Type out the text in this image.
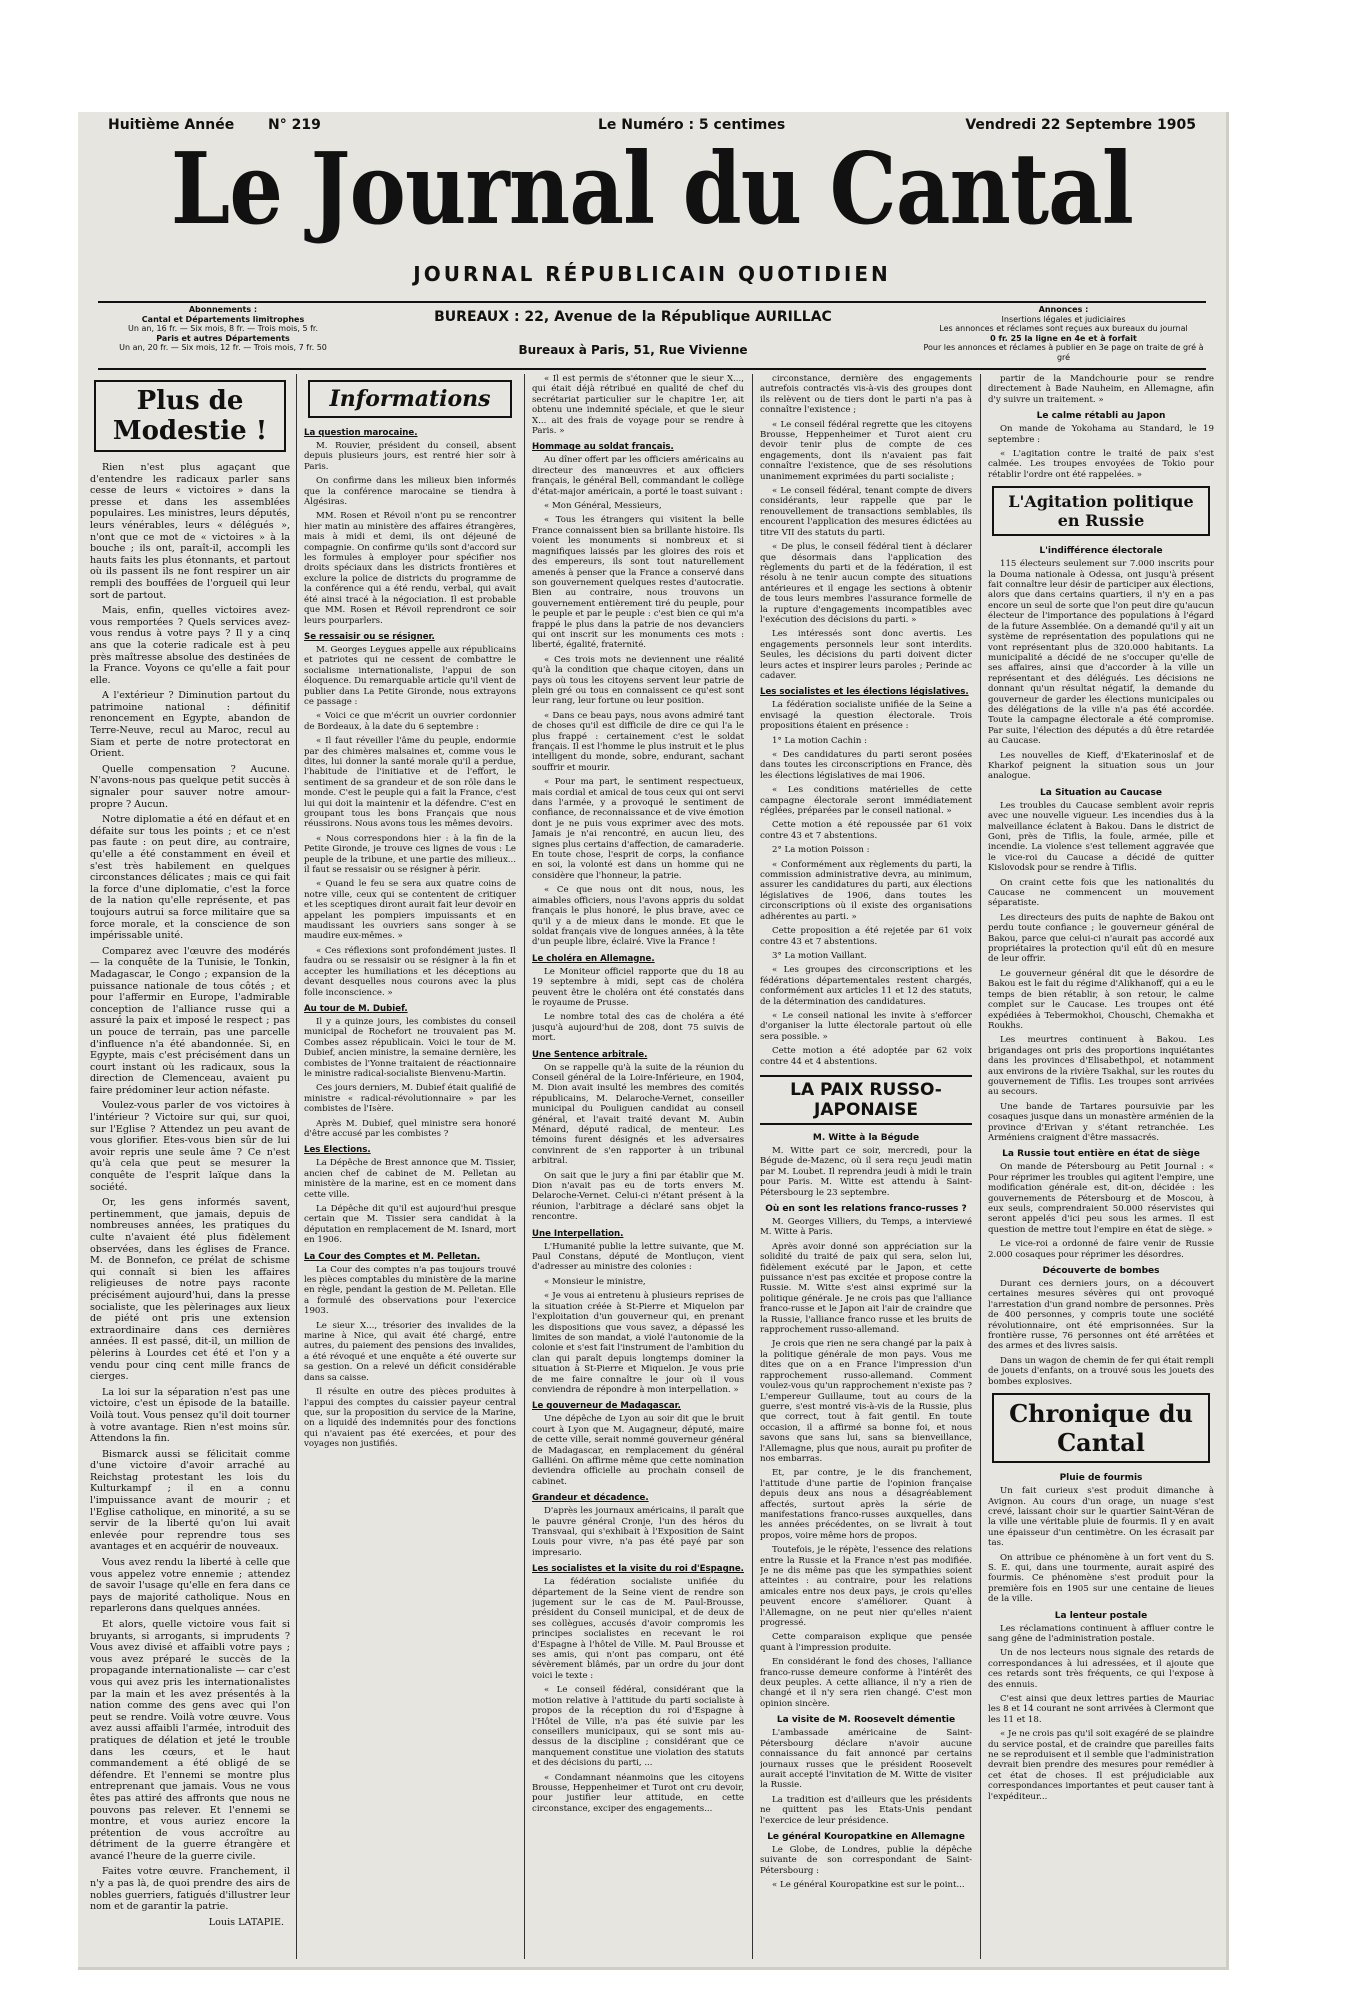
Huitième Année N° 219	Le Numéro : 5 centimes	Vendredi 22 Septembre 1905
Le Journal du Cantal
JOURNAL RÉPUBLICAIN QUOTIDIEN
Abonnements :
Cantal et Départements limitrophes
Un an, 16 fr. — Six mois, 8 fr. — Trois mois, 5 fr.
Paris et autres Départements
Un an, 20 fr. — Six mois, 12 fr. — Trois mois, 7 fr. 50
BUREAUX : 22, Avenue de la République AURILLAC
Bureaux à Paris, 51, Rue Vivienne
Annonces :
Insertions légales et judiciaires
Les annonces et réclames sont reçues aux bureaux du journal
0 fr. 25 la ligne en 4e et à forfait
Pour les annonces et réclames à publier en 3e page on traite de gré à gré
Plus de Modestie !

Rien n'est plus agaçant que d'entendre les radicaux parler sans cesse de leurs « victoires » dans la presse et dans les assemblées populaires. Les ministres, leurs députés, leurs vénérables, leurs « délégués », n'ont que ce mot de « victoires » à la bouche ; ils ont, paraît-il, accompli les hauts faits les plus étonnants, et partout où ils passent ils ne font respirer un air rempli des bouffées de l'orgueil qui leur sort de partout.

Mais, enfin, quelles victoires avez-vous remportées ? Quels services avez-vous rendus à votre pays ? Il y a cinq ans que la coterie radicale est à peu près maîtresse absolue des destinées de la France. Voyons ce qu'elle a fait pour elle.

A l'extérieur ? Diminution partout du patrimoine national : définitif renoncement en Egypte, abandon de Terre-Neuve, recul au Maroc, recul au Siam et perte de notre protectorat en Orient.

Quelle compensation ? Aucune. N'avons-nous pas quelque petit succès à signaler pour sauver notre amour-propre ? Aucun.

Notre diplomatie a été en défaut et en défaite sur tous les points ; et ce n'est pas faute : on peut dire, au contraire, qu'elle a été constamment en éveil et s'est très habilement en quelques circonstances délicates ; mais ce qui fait la force d'une diplomatie, c'est la force de la nation qu'elle représente, et pas toujours autrui sa force militaire que sa force morale, et la conscience de son impérissable unité.

Comparez avec l'œuvre des modérés — la conquête de la Tunisie, le Tonkin, Madagascar, le Congo ; expansion de la puissance nationale de tous côtés ; et pour l'affermir en Europe, l'admirable conception de l'alliance russe qui a assuré la paix et imposé le respect ; pas un pouce de terrain, pas une parcelle d'influence n'a été abandonnée. Si, en Egypte, mais c'est précisément dans un court instant où les radicaux, sous la direction de Clemenceau, avaient pu faire prédominer leur action néfaste.

Voulez-vous parler de vos victoires à l'intérieur ? Victoire sur qui, sur quoi, sur l'Eglise ? Attendez un peu avant de vous glorifier. Etes-vous bien sûr de lui avoir repris une seule âme ? Ce n'est qu'à cela que peut se mesurer la conquête de l'esprit laïque dans la société.

Or, les gens informés savent, pertinemment, que jamais, depuis de nombreuses années, les pratiques du culte n'avaient été plus fidèlement observées, dans les églises de France. M. de Bonnefon, ce prélat de schisme qui connaît si bien les affaires religieuses de notre pays raconte précisément aujourd'hui, dans la presse socialiste, que les pèlerinages aux lieux de piété ont pris une extension extraordinaire dans ces dernières années. Il est passé, dit-il, un million de pèlerins à Lourdes cet été et l'on y a vendu pour cinq cent mille francs de cierges.

La loi sur la séparation n'est pas une victoire, c'est un épisode de la bataille. Voilà tout. Vous pensez qu'il doit tourner à votre avantage. Rien n'est moins sûr. Attendons la fin.

Bismarck aussi se félicitait comme d'une victoire d'avoir arraché au Reichstag protestant les lois du Kulturkampf ; il en a connu l'impuissance avant de mourir ; et l'Eglise catholique, en minorité, a su se servir de la liberté qu'on lui avait enlevée pour reprendre tous ses avantages et en acquérir de nouveaux.

Vous avez rendu la liberté à celle que vous appelez votre ennemie ; attendez de savoir l'usage qu'elle en fera dans ce pays de majorité catholique. Nous en reparlerons dans quelques années.

Et alors, quelle victoire vous fait si bruyants, si arrogants, si imprudents ? Vous avez divisé et affaibli votre pays ; vous avez préparé le succès de la propagande internationaliste — car c'est vous qui avez pris les internationalistes par la main et les avez présentés à la nation comme des gens avec qui l'on peut se rendre. Voilà votre œuvre. Vous avez aussi affaibli l'armée, introduit des pratiques de délation et jeté le trouble dans les cœurs, et le haut commandement a été obligé de se défendre. Et l'ennemi se montre plus entreprenant que jamais. Vous ne vous êtes pas attiré des affronts que nous ne pouvons pas relever. Et l'ennemi se montre, et vous auriez encore la prétention de vous accroître au détriment de la guerre étrangère et avancé l'heure de la guerre civile.

Faites votre œuvre. Franchement, il n'y a pas là, de quoi prendre des airs de nobles guerriers, fatigués d'illustrer leur nom et de garantir la patrie.

Louis LATAPIE.
Informations
La question marocaine.

M. Rouvier, président du conseil, absent depuis plusieurs jours, est rentré hier soir à Paris.

On confirme dans les milieux bien informés que la conférence marocaine se tiendra à Algésiras.

MM. Rosen et Révoil n'ont pu se rencontrer hier matin au ministère des affaires étrangères, mais à midi et demi, ils ont déjeuné de compagnie. On confirme qu'ils sont d'accord sur les formules à employer pour spécifier nos droits spéciaux dans les districts frontières et exclure la police de districts du programme de la conférence qui a été rendu, verbal, qui avait été ainsi tracé à la négociation. Il est probable que MM. Rosen et Révoil reprendront ce soir leurs pourparlers.

Se ressaisir ou se résigner.

M. Georges Leygues appelle aux républicains et patriotes qui ne cessent de combattre le socialisme internationaliste, l'appui de son éloquence. Du remarquable article qu'il vient de publier dans La Petite Gironde, nous extrayons ce passage :

« Voici ce que m'écrit un ouvrier cordonnier de Bordeaux, à la date du 6 septembre :

« Il faut réveiller l'âme du peuple, endormie par des chimères malsaines et, comme vous le dites, lui donner la santé morale qu'il a perdue, l'habitude de l'initiative et de l'effort, le sentiment de sa grandeur et de son rôle dans le monde. C'est le peuple qui a fait la France, c'est lui qui doit la maintenir et la défendre. C'est en groupant tous les bons Français que nous réussirons. Nous avons tous les mêmes devoirs.

« Nous correspondons hier : à la fin de la Petite Gironde, je trouve ces lignes de vous : Le peuple de la tribune, et une partie des milieux... il faut se ressaisir ou se résigner à périr.

« Quand le feu se sera aux quatre coins de notre ville, ceux qui se contentent de critiquer et les sceptiques diront aurait fait leur devoir en appelant les pompiers impuissants et en maudissant les ouvriers sans songer à se maudire eux-mêmes. »

« Ces réflexions sont profondément justes. Il faudra ou se ressaisir ou se résigner à la fin et accepter les humiliations et les déceptions au devant desquelles nous courons avec la plus folle inconscience. »

Au tour de M. Dubief.

Il y a quinze jours, les combistes du conseil municipal de Rochefort ne trouvaient pas M. Combes assez républicain. Voici le tour de M. Dubief, ancien ministre, la semaine dernière, les combistes de l'Yonne traitaient de réactionnaire le ministre radical-socialiste Bienvenu-Martin.

Ces jours derniers, M. Dubief était qualifié de ministre « radical-révolutionnaire » par les combistes de l'Isère.

Après M. Dubief, quel ministre sera honoré d'être accusé par les combistes ?

Les Elections.

La Dépêche de Brest annonce que M. Tissier, ancien chef de cabinet de M. Pelletan au ministère de la marine, est en ce moment dans cette ville.

La Dépêche dit qu'il est aujourd'hui presque certain que M. Tissier sera candidat à la députation en remplacement de M. Isnard, mort en 1906.

La Cour des Comptes et M. Pelletan.

La Cour des comptes n'a pas toujours trouvé les pièces comptables du ministère de la marine en règle, pendant la gestion de M. Pelletan. Elle a formulé des observations pour l'exercice 1903.

Le sieur X..., trésorier des invalides de la marine à Nice, qui avait été chargé, entre autres, du paiement des pensions des invalides, a été révoqué et une enquête a été ouverte sur sa gestion. On a relevé un déficit considérable dans sa caisse.

Il résulte en outre des pièces produites à l'appui des comptes du caissier payeur central que, sur la proposition du service de la Marine, on a liquidé des indemnités pour des fonctions qui n'avaient pas été exercées, et pour des voyages non justifiés.

« Il est permis de s'étonner que le sieur X..., qui était déjà rétribué en qualité de chef du secrétariat particulier sur le chapitre 1er, ait obtenu une indemnité spéciale, et que le sieur X... ait des frais de voyage pour se rendre à Paris. »

Hommage au soldat français.

Au dîner offert par les officiers américains au directeur des manœuvres et aux officiers français, le général Bell, commandant le collège d'état-major américain, a porté le toast suivant :

« Mon Général, Messieurs,

« Tous les étrangers qui visitent la belle France connaissent bien sa brillante histoire. Ils voient les monuments si nombreux et si magnifiques laissés par les gloires des rois et des empereurs, ils sont tout naturellement amenés à penser que la France a conservé dans son gouvernement quelques restes d'autocratie. Bien au contraire, nous trouvons un gouvernement entièrement tiré du peuple, pour le peuple et par le peuple : c'est bien ce qui m'a frappé le plus dans la patrie de nos devanciers qui ont inscrit sur les monuments ces mots : liberté, égalité, fraternité.

« Ces trois mots ne deviennent une réalité qu'à la condition que chaque citoyen, dans un pays où tous les citoyens servent leur patrie de plein gré ou tous en connaissent ce qu'est sont leur rang, leur fortune ou leur position.

« Dans ce beau pays, nous avons admiré tant de choses qu'il est difficile de dire ce qui l'a le plus frappé : certainement c'est le soldat français. Il est l'homme le plus instruit et le plus intelligent du monde, sobre, endurant, sachant souffrir et mourir.

« Pour ma part, le sentiment respectueux, mais cordial et amical de tous ceux qui ont servi dans l'armée, y a provoqué le sentiment de confiance, de reconnaissance et de vive émotion dont je ne puis vous exprimer avec des mots. Jamais je n'ai rencontré, en aucun lieu, des signes plus certains d'affection, de camaraderie. En toute chose, l'esprit de corps, la confiance en soi, la volonté est dans un homme qui ne considère que l'honneur, la patrie.

« Ce que nous ont dit nous, nous, les aimables officiers, nous l'avons appris du soldat français le plus honoré, le plus brave, avec ce qu'il y a de mieux dans le monde. Et que le soldat français vive de longues années, à la tête d'un peuple libre, éclairé. Vive la France !

Le choléra en Allemagne.

Le Moniteur officiel rapporte que du 18 au 19 septembre à midi, sept cas de choléra peuvent être le choléra ont été constatés dans le royaume de Prusse.

Le nombre total des cas de choléra a été jusqu'à aujourd'hui de 208, dont 75 suivis de mort.

Une Sentence arbitrale.

On se rappelle qu'à la suite de la réunion du Conseil général de la Loire-Inférieure, en 1904, M. Dion avait insulté les membres des comités républicains, M. Delaroche-Vernet, conseiller municipal du Pouliguen candidat au conseil général, et l'avait traité devant M. Aubin Ménard, député radical, de menteur. Les témoins furent désignés et les adversaires convinrent de s'en rapporter à un tribunal arbitral.

On sait que le jury a fini par établir que M. Dion n'avait pas eu de torts envers M. Delaroche-Vernet. Celui-ci n'étant présent à la réunion, l'arbitrage a déclaré sans objet la rencontre.

Une Interpellation.

L'Humanité publie la lettre suivante, que M. Paul Constans, député de Montluçon, vient d'adresser au ministre des colonies :

« Monsieur le ministre,

« Je vous ai entretenu à plusieurs reprises de la situation créée à St-Pierre et Miquelon par l'exploitation d'un gouverneur qui, en prenant les dispositions que vous savez, a dépassé les limites de son mandat, a violé l'autonomie de la colonie et s'est fait l'instrument de l'ambition du clan qui paraît depuis longtemps dominer la situation à St-Pierre et Miquelon. Je vous prie de me faire connaître le jour où il vous conviendra de répondre à mon interpellation. »

Le gouverneur de Madagascar.

Une dépêche de Lyon au soir dit que le bruit court à Lyon que M. Augagneur, député, maire de cette ville, serait nommé gouverneur général de Madagascar, en remplacement du général Galliéni. On affirme même que cette nomination deviendra officielle au prochain conseil de cabinet.

Grandeur et décadence.

D'après les journaux américains, il paraît que le pauvre général Cronje, l'un des héros du Transvaal, qui s'exhibait à l'Exposition de Saint Louis pour vivre, n'a pas été payé par son impresario.

Les socialistes et la visite du roi d'Espagne.

La fédération socialiste unifiée du département de la Seine vient de rendre son jugement sur le cas de M. Paul-Brousse, président du Conseil municipal, et de deux de ses collègues, accusés d'avoir compromis les principes socialistes en recevant le roi d'Espagne à l'hôtel de Ville. M. Paul Brousse et ses amis, qui n'ont pas comparu, ont été sévèrement blâmés, par un ordre du jour dont voici le texte :

« Le conseil fédéral, considérant que la motion relative à l'attitude du parti socialiste à propos de la réception du roi d'Espagne à l'Hôtel de Ville, n'a pas été suivie par les conseillers municipaux, qui se sont mis au-dessus de la discipline ; considérant que ce manquement constitue une violation des statuts et des décisions du parti, ...

« Condamnant néanmoins que les citoyens Brousse, Heppenheimer et Turot ont cru devoir, pour justifier leur attitude, en cette circonstance, exciper des engagements...

circonstance, dernière des engagements autrefois contractés vis-à-vis des groupes dont ils relèvent ou de tiers dont le parti n'a pas à connaître l'existence ;

« Le conseil fédéral regrette que les citoyens Brousse, Heppenheimer et Turot aient cru devoir tenir plus de compte de ces engagements, dont ils n'avaient pas fait connaître l'existence, que de ses résolutions unanimement exprimées du parti socialiste ;

« Le conseil fédéral, tenant compte de divers considérants, leur rappelle que par le renouvellement de transactions semblables, ils encourent l'application des mesures édictées au titre VII des statuts du parti.

« De plus, le conseil fédéral tient à déclarer que désormais dans l'application des règlements du parti et de la fédération, il est résolu à ne tenir aucun compte des situations antérieures et il engage les sections à obtenir de tous leurs membres l'assurance formelle de la rupture d'engagements incompatibles avec l'exécution des décisions du parti. »

Les intéressés sont donc avertis. Les engagements personnels leur sont interdits. Seules, les décisions du parti doivent dicter leurs actes et inspirer leurs paroles ; Perinde ac cadaver.

Les socialistes et les élections législatives.

La fédération socialiste unifiée de la Seine a envisagé la question électorale. Trois propositions étaient en présence :

1° La motion Cachin :

« Des candidatures du parti seront posées dans toutes les circonscriptions en France, dès les élections législatives de mai 1906.

« Les conditions matérielles de cette campagne électorale seront immédiatement réglées, préparées par le conseil national. »

Cette motion a été repoussée par 61 voix contre 43 et 7 abstentions.

2° La motion Poisson :

« Conformément aux règlements du parti, la commission administrative devra, au minimum, assurer les candidatures du parti, aux élections législatives de 1906, dans toutes les circonscriptions où il existe des organisations adhérentes au parti. »

Cette proposition a été rejetée par 61 voix contre 43 et 7 abstentions.

3° La motion Vaillant.

« Les groupes des circonscriptions et les fédérations départementales restent chargés, conformément aux articles 11 et 12 des statuts, de la détermination des candidatures.

« Le conseil national les invite à s'efforcer d'organiser la lutte électorale partout où elle sera possible. »

Cette motion a été adoptée par 62 voix contre 44 et 4 abstentions.

LA PAIX RUSSO-JAPONAISE
M. Witte à la Bégude

M. Witte part ce soir, mercredi, pour la Bégude de-Mazenc, où il sera reçu jeudi matin par M. Loubet. Il reprendra jeudi à midi le train pour Paris. M. Witte est attendu à Saint-Pétersbourg le 23 septembre.

Où en sont les relations franco-russes ?

M. Georges Villiers, du Temps, a interviewé M. Witte à Paris.

Après avoir donné son appréciation sur la solidité du traité de paix qui sera, selon lui, fidèlement exécuté par le Japon, et cette puissance n'est pas excitée et propose contre la Russie. M. Witte s'est ainsi exprimé sur la politique générale. Je ne crois pas que l'alliance franco-russe et le Japon ait l'air de craindre que la Russie, l'alliance franco russe et les bruits de rapprochement russo-allemand.

Je crois que rien ne sera changé par la paix à la politique générale de mon pays. Vous me dites que on a en France l'impression d'un rapprochement russo-allemand. Comment voulez-vous qu'un rapprochement n'existe pas ? L'empereur Guillaume, tout au cours de la guerre, s'est montré vis-à-vis de la Russie, plus que correct, tout à fait gentil. En toute occasion, il a affirmé sa bonne foi, et nous savons que sans lui, sans sa bienveillance, l'Allemagne, plus que nous, aurait pu profiter de nos embarras.

Et, par contre, je le dis franchement, l'attitude d'une partie de l'opinion française depuis deux ans nous a désagréablement affectés, surtout après la série de manifestations franco-russes auxquelles, dans les années précédentes, on se livrait à tout propos, voire même hors de propos.

Toutefois, je le répète, l'essence des relations entre la Russie et la France n'est pas modifiée. Je ne dis même pas que les sympathies soient atteintes : au contraire, pour les relations amicales entre nos deux pays, je crois qu'elles peuvent encore s'améliorer. Quant à l'Allemagne, on ne peut nier qu'elles n'aient progressé.

Cette comparaison explique que pensée quant à l'impression produite.

En considérant le fond des choses, l'alliance franco-russe demeure conforme à l'intérêt des deux peuples. A cette alliance, il n'y a rien de changé et il n'y sera rien changé. C'est mon opinion sincère.

La visite de M. Roosevelt démentie

L'ambassade américaine de Saint-Pétersbourg déclare n'avoir aucune connaissance du fait annoncé par certains journaux russes que le président Roosevelt aurait accepté l'invitation de M. Witte de visiter la Russie.

La tradition est d'ailleurs que les présidents ne quittent pas les Etats-Unis pendant l'exercice de leur présidence.

Le général Kouropatkine en Allemagne

Le Globe, de Londres, publie la dépêche suivante de son correspondant de Saint-Pétersbourg :

« Le général Kouropatkine est sur le point...

partir de la Mandchourie pour se rendre directement à Bade Nauheim, en Allemagne, afin d'y suivre un traitement. »

Le calme rétabli au Japon

On mande de Yokohama au Standard, le 19 septembre :

« L'agitation contre le traité de paix s'est calmée. Les troupes envoyées de Tokio pour rétablir l'ordre ont été rappelées. »

L'Agitation politique en Russie
L'indifférence électorale

115 électeurs seulement sur 7.000 inscrits pour la Douma nationale à Odessa, ont jusqu'à présent fait connaître leur désir de participer aux élections, alors que dans certains quartiers, il n'y en a pas encore un seul de sorte que l'on peut dire qu'aucun électeur de l'importance des populations à l'égard de la future Assemblée. On a demandé qu'il y ait un système de représentation des populations qui ne vont représentant plus de 320.000 habitants. La municipalité a décidé de ne s'occuper qu'elle de ses affaires, ainsi que d'accorder à la ville un représentant et des délégués. Les décisions ne donnant qu'un résultat négatif, la demande du gouverneur de garder les élections municipales ou des délégations de la ville n'a pas été accordée. Toute la campagne électorale a été compromise. Par suite, l'élection des députés a dû être retardée au Caucase.

Les nouvelles de Kieff, d'Ekaterinoslaf et de Kharkof peignent la situation sous un jour analogue.

La Situation au Caucase

Les troubles du Caucase semblent avoir repris avec une nouvelle vigueur. Les incendies dus à la malveillance éclatent à Bakou. Dans le district de Goni, près de Tiflis, la foule, armée, pille et incendie. La violence s'est tellement aggravée que le vice-roi du Caucase a décidé de quitter Kislovodsk pour se rendre à Tiflis.

On craint cette fois que les nationalités du Caucase ne commencent un mouvement séparatiste.

Les directeurs des puits de naphte de Bakou ont perdu toute confiance ; le gouverneur général de Bakou, parce que celui-ci n'aurait pas accordé aux propriétaires la protection qu'il eût dû en mesure de leur offrir.

Le gouverneur général dit que le désordre de Bakou est le fait du régime d'Alikhanoff, qui a eu le temps de bien rétablir, à son retour, le calme complet sur le Caucase. Les troupes ont été expédiées à Tebermokhoi, Chouschi, Chemakha et Roukhs.

Les meurtres continuent à Bakou. Les brigandages ont pris des proportions inquiétantes dans les provinces d'Elisabethpol, et notamment aux environs de la rivière Tsakhal, sur les routes du gouvernement de Tiflis. Les troupes sont arrivées au secours.

Une bande de Tartares poursuivie par les cosaques jusque dans un monastère arménien de la province d'Erivan y s'étant retranchée. Les Arméniens craignent d'être massacrés.

La Russie tout entière en état de siège

On mande de Pétersbourg au Petit Journal : « Pour réprimer les troubles qui agitent l'empire, une modification générale est, dit-on, décidée : les gouvernements de Pétersbourg et de Moscou, à eux seuls, comprendraient 50.000 réservistes qui seront appelés d'ici peu sous les armes. Il est question de mettre tout l'empire en état de siège. »

Le vice-roi a ordonné de faire venir de Russie 2.000 cosaques pour réprimer les désordres.

Découverte de bombes

Durant ces derniers jours, on a découvert certaines mesures sévères qui ont provoqué l'arrestation d'un grand nombre de personnes. Près de 400 personnes, y compris toute une société révolutionnaire, ont été emprisonnées. Sur la frontière russe, 76 personnes ont été arrêtées et des armes et des livres saisis.

Dans un wagon de chemin de fer qui était rempli de jouets d'enfants, on a trouvé sous les jouets des bombes explosives.

Chronique du Cantal
Pluie de fourmis

Un fait curieux s'est produit dimanche à Avignon. Au cours d'un orage, un nuage s'est crevé, laissant choir sur le quartier Saint-Véran de la ville une véritable pluie de fourmis. Il y en avait une épaisseur d'un centimètre. On les écrasait par tas.

On attribue ce phénomène à un fort vent du S. S. E. qui, dans une tourmente, aurait aspiré des fourmis. Ce phénomène s'est produit pour la première fois en 1905 sur une centaine de lieues de la ville.

La lenteur postale

Les réclamations continuent à affluer contre le sang gêne de l'administration postale.

Un de nos lecteurs nous signale des retards de correspondances à lui adressées, et il ajoute que ces retards sont très fréquents, ce qui l'expose à des ennuis.

C'est ainsi que deux lettres parties de Mauriac les 8 et 14 courant ne sont arrivées à Clermont que les 11 et 18.

« Je ne crois pas qu'il soit exagéré de se plaindre du service postal, et de craindre que pareilles faits ne se reproduisent et il semble que l'administration devrait bien prendre des mesures pour remédier à cet état de choses. Il est préjudiciable aux correspondances importantes et peut causer tant à l'expéditeur...
